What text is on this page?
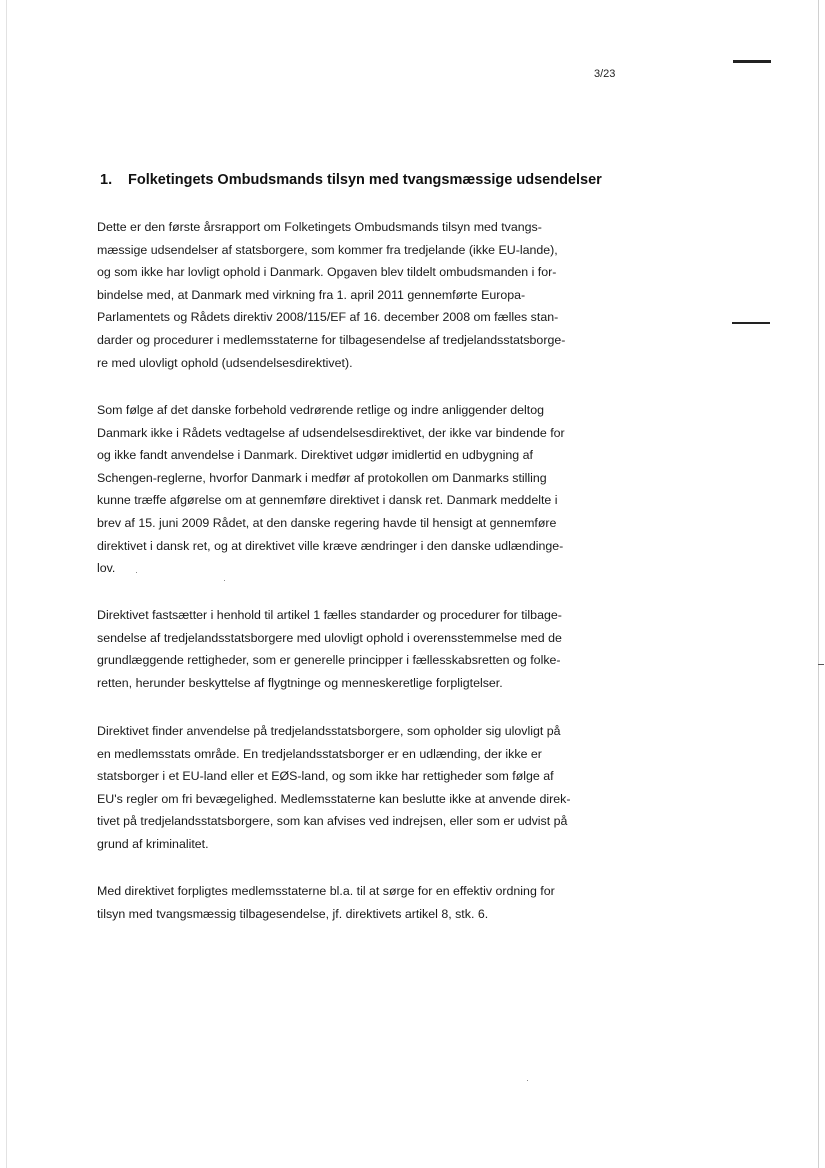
3/23
1. Folketingets Ombudsmands tilsyn med tvangsmæssige udsendelser
Dette er den første årsrapport om Folketingets Ombudsmands tilsyn med tvangs-
mæssige udsendelser af statsborgere, som kommer fra tredjelande (ikke EU-lande),
og som ikke har lovligt ophold i Danmark. Opgaven blev tildelt ombudsmanden i for-
bindelse med, at Danmark med virkning fra 1. april 2011 gennemførte Europa-
Parlamentets og Rådets direktiv 2008/115/EF af 16. december 2008 om fælles stan-
darder og procedurer i medlemsstaterne for tilbagesendelse af tredjelandsstatsborge-
re med ulovligt ophold (udsendelsesdirektivet).
Som følge af det danske forbehold vedrørende retlige og indre anliggender deltog
Danmark ikke i Rådets vedtagelse af udsendelsesdirektivet, der ikke var bindende for
og ikke fandt anvendelse i Danmark. Direktivet udgør imidlertid en udbygning af
Schengen-reglerne, hvorfor Danmark i medfør af protokollen om Danmarks stilling
kunne træffe afgørelse om at gennemføre direktivet i dansk ret. Danmark meddelte i
brev af 15. juni 2009 Rådet, at den danske regering havde til hensigt at gennemføre
direktivet i dansk ret, og at direktivet ville kræve ændringer i den danske udlændinge-
lov.
Direktivet fastsætter i henhold til artikel 1 fælles standarder og procedurer for tilbage-
sendelse af tredjelandsstatsborgere med ulovligt ophold i overensstemmelse med de
grundlæggende rettigheder, som er generelle principper i fællesskabsretten og folke-
retten, herunder beskyttelse af flygtninge og menneskeretlige forpligtelser.
Direktivet finder anvendelse på tredjelandsstatsborgere, som opholder sig ulovligt på
en medlemsstats område. En tredjelandsstatsborger er en udlænding, der ikke er
statsborger i et EU-land eller et EØS-land, og som ikke har rettigheder som følge af
EU's regler om fri bevægelighed. Medlemsstaterne kan beslutte ikke at anvende direk-
tivet på tredjelandsstatsborgere, som kan afvises ved indrejsen, eller som er udvist på
grund af kriminalitet.
Med direktivet forpligtes medlemsstaterne bl.a. til at sørge for en effektiv ordning for
tilsyn med tvangsmæssig tilbagesendelse, jf. direktivets artikel 8, stk. 6.
